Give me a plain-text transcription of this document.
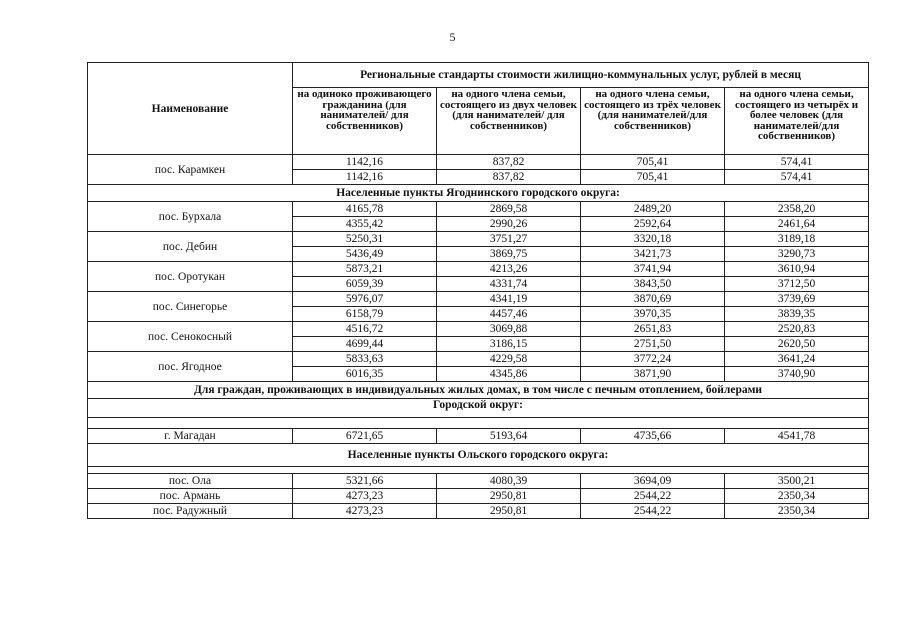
5
Наименование	Региональные стандарты стоимости жилищно-коммунальных услуг, рублей в месяц			
	на одиноко проживающего гражданина (для нанимателей/ для собственников)	на одного члена семьи, состоящего из двух человек (для нанимателей/ для собственников)	на одного члена семьи, состоящего из трёх человек (для нанимателей/для собственников)	на одного члена семьи, состоящего из четырёх и более человек (для нанимателей/для собственников)
пос. Карамкен	1142,16	837,82	705,41	574,41
	1142,16	837,82	705,41	574,41
Населенные пункты Ягоднинского городского округа:				
пос. Бурхала	4165,78	2869,58	2489,20	2358,20
	4355,42	2990,26	2592,64	2461,64
пос. Дебин	5250,31	3751,27	3320,18	3189,18
	5436,49	3869,75	3421,73	3290,73
пос. Оротукан	5873,21	4213,26	3741,94	3610,94
	6059,39	4331,74	3843,50	3712,50
пос. Синегорье	5976,07	4341,19	3870,69	3739,69
	6158,79	4457,46	3970,35	3839,35
пос. Сенокосный	4516,72	3069,88	2651,83	2520,83
	4699,44	3186,15	2751,50	2620,50
пос. Ягодное	5833,63	4229,58	3772,24	3641,24
	6016,35	4345,86	3871,90	3740,90
Для граждан, проживающих в индивидуальных жилых домах, в том числе с печным отоплением, бойлерами				
Городской округ:				

г. Магадан	6721,65	5193,64	4735,66	4541,78
Населенные пункты Ольского городского округа:				

пос. Ола	5321,66	4080,39	3694,09	3500,21
пос. Армань	4273,23	2950,81	2544,22	2350,34
пос. Радужный	4273,23	2950,81	2544,22	2350,34
